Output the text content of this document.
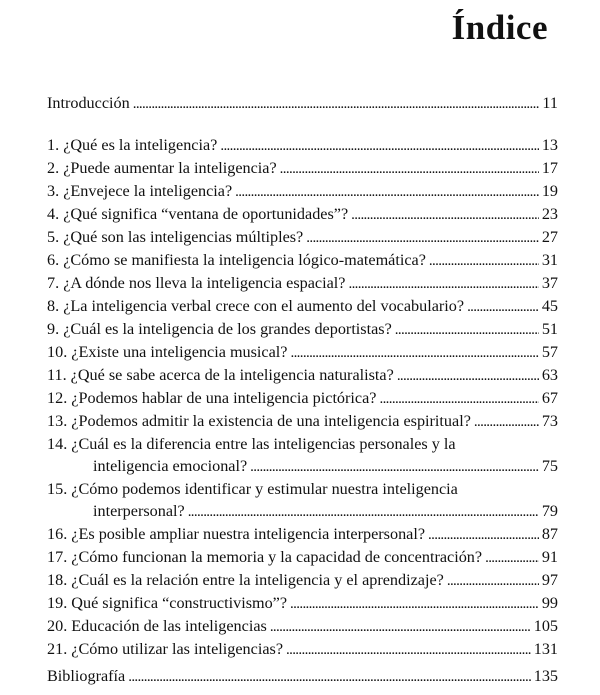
Índice
Introducción . . .	11
1. ¿Qué es la inteligencia? . . .	13
2. ¿Puede aumentar la inteligencia? . . .	17
3. ¿Envejece la inteligencia? . . .	19
4. ¿Qué significa “ventana de oportunidades”? . . .	23
5. ¿Qué son las inteligencias múltiples? . . .	27
6. ¿Cómo se manifiesta la inteligencia lógico-matemática? . . .	31
7. ¿A dónde nos lleva la inteligencia espacial? . . .	37
8. ¿La inteligencia verbal crece con el aumento del vocabulario? . . .	45
9. ¿Cuál es la inteligencia de los grandes deportistas? . . .	51
10. ¿Existe una inteligencia musical? . . .	57
11. ¿Qué se sabe acerca de la inteligencia naturalista? . . .	63
12. ¿Podemos hablar de una inteligencia pictórica? . . .	67
13. ¿Podemos admitir la existencia de una inteligencia espiritual? . . .	73
14. ¿Cuál es la diferencia entre las inteligencias personales y la
inteligencia emocional? . . .	75
15. ¿Cómo podemos identificar y estimular nuestra inteligencia
interpersonal? . . .	79
16. ¿Es posible ampliar nuestra inteligencia interpersonal? . . .	87
17. ¿Cómo funcionan la memoria y la capacidad de concentración? . . .	91
18. ¿Cuál es la relación entre la inteligencia y el aprendizaje? . . .	97
19. Qué significa “constructivismo”? . . .	99
20. Educación de las inteligencias . . .	105
21. ¿Cómo utilizar las inteligencias? . . .	131
Bibliografía . . .	135
